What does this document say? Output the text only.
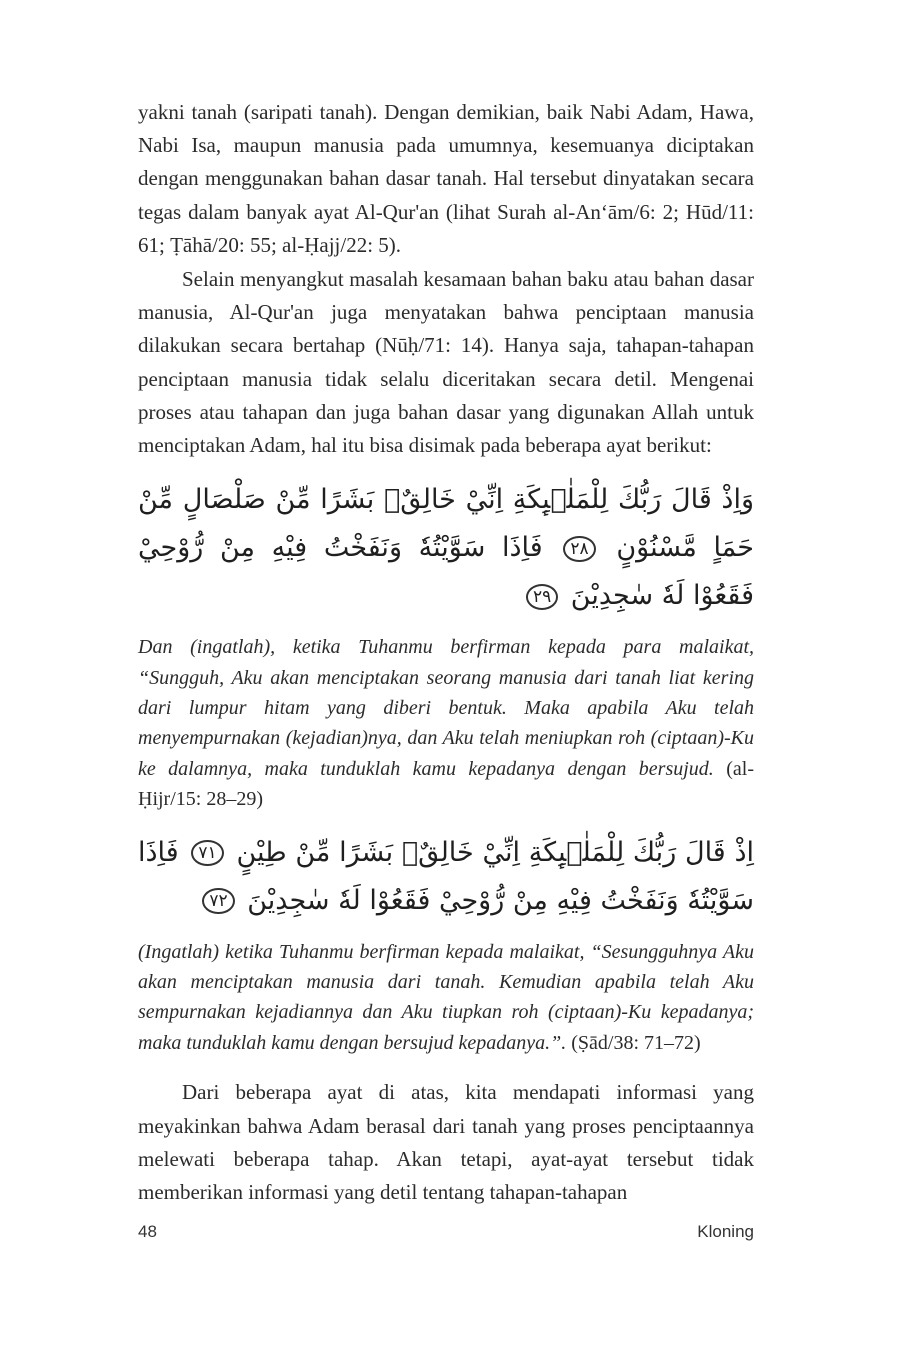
yakni tanah (saripati tanah). Dengan demikian, baik Nabi Adam, Hawa, Nabi Isa, maupun manusia pada umumnya, kesemuanya diciptakan dengan menggunakan bahan dasar tanah. Hal tersebut dinyatakan secara tegas dalam banyak ayat Al-Qur'an (lihat Surah al-An‘ām/6: 2; Hūd/11: 61; Ṭāhā/20: 55; al-Ḥajj/22: 5).

Selain menyangkut masalah kesamaan bahan baku atau bahan dasar manusia, Al-Qur'an juga menyatakan bahwa penciptaan manusia dilakukan secara bertahap (Nūḥ/71: 14). Hanya saja, tahapan-tahapan penciptaan manusia tidak selalu diceritakan secara detil. Mengenai proses atau tahapan dan juga bahan dasar yang digunakan Allah untuk menciptakan Adam, hal itu bisa disimak pada beberapa ayat berikut:

وَاِذْ قَالَ رَبُّكَ لِلْمَلٰۤىِٕكَةِ اِنِّيْ خَالِقٌۢ بَشَرًا مِّنْ صَلْصَالٍ مِّنْ حَمَاٍ مَّسْنُوْنٍ ٢٨ فَاِذَا سَوَّيْتُهٗ وَنَفَخْتُ فِيْهِ مِنْ رُّوْحِيْ فَقَعُوْا لَهٗ سٰجِدِيْنَ ٢٩

Dan (ingatlah), ketika Tuhanmu berfirman kepada para malaikat, “Sungguh, Aku akan menciptakan seorang manusia dari tanah liat kering dari lumpur hitam yang diberi bentuk. Maka apabila Aku telah menyempurnakan (kejadian)nya, dan Aku telah meniupkan roh (ciptaan)-Ku ke dalamnya, maka tunduklah kamu kepadanya dengan bersujud. (al-Ḥijr/15: 28–29)

اِذْ قَالَ رَبُّكَ لِلْمَلٰۤىِٕكَةِ اِنِّيْ خَالِقٌۢ بَشَرًا مِّنْ طِيْنٍ ٧١ فَاِذَا سَوَّيْتُهٗ وَنَفَخْتُ فِيْهِ مِنْ رُّوْحِيْ فَقَعُوْا لَهٗ سٰجِدِيْنَ ٧٢

(Ingatlah) ketika Tuhanmu berfirman kepada malaikat, “Sesungguhnya Aku akan menciptakan manusia dari tanah. Kemudian apabila telah Aku sempurnakan kejadiannya dan Aku tiupkan roh (ciptaan)-Ku kepadanya; maka tunduklah kamu dengan bersujud kepadanya.”. (Ṣād/38: 71–72)

Dari beberapa ayat di atas, kita mendapati informasi yang meyakinkan bahwa Adam berasal dari tanah yang proses penciptaannya melewati beberapa tahap. Akan tetapi, ayat-ayat tersebut tidak memberikan informasi yang detil tentang tahapan-tahapan

48	Kloning
